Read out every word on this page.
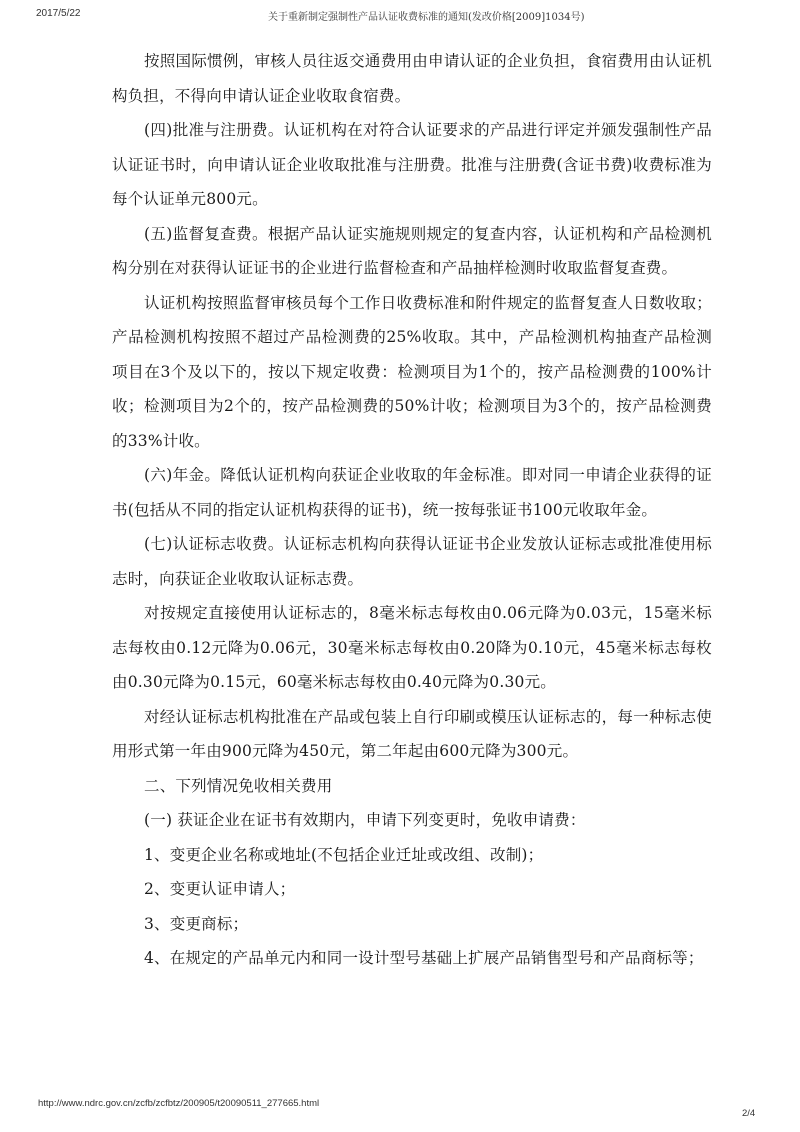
2017/5/22	关于重新制定强制性产品认证收费标准的通知(发改价格[2009]1034号)

按照国际惯例，审核人员往返交通费用由申请认证的企业负担，食宿费用由认证机构负担，不得向申请认证企业收取食宿费。

(四)批准与注册费。认证机构在对符合认证要求的产品进行评定并颁发强制性产品认证证书时，向申请认证企业收取批准与注册费。批准与注册费(含证书费)收费标准为每个认证单元800元。

(五)监督复查费。根据产品认证实施规则规定的复查内容，认证机构和产品检测机构分别在对获得认证证书的企业进行监督检查和产品抽样检测时收取监督复查费。

认证机构按照监督审核员每个工作日收费标准和附件规定的监督复查人日数收取；产品检测机构按照不超过产品检测费的25%收取。其中，产品检测机构抽查产品检测项目在3个及以下的，按以下规定收费：检测项目为1个的，按产品检测费的100%计收；检测项目为2个的，按产品检测费的50%计收；检测项目为3个的，按产品检测费的33%计收。

(六)年金。降低认证机构向获证企业收取的年金标准。即对同一申请企业获得的证书(包括从不同的指定认证机构获得的证书)，统一按每张证书100元收取年金。

(七)认证标志收费。认证标志机构向获得认证证书企业发放认证标志或批准使用标志时，向获证企业收取认证标志费。

对按规定直接使用认证标志的，8毫米标志每枚由0.06元降为0.03元，15毫米标志每枚由0.12元降为0.06元，30毫米标志每枚由0.20降为0.10元，45毫米标志每枚由0.30元降为0.15元，60毫米标志每枚由0.40元降为0.30元。

对经认证标志机构批准在产品或包装上自行印刷或模压认证标志的，每一种标志使用形式第一年由900元降为450元，第二年起由600元降为300元。

二、下列情况免收相关费用

(一) 获证企业在证书有效期内，申请下列变更时，免收申请费：

1、变更企业名称或地址(不包括企业迁址或改组、改制)；

2、变更认证申请人；

3、变更商标；

4、在规定的产品单元内和同一设计型号基础上扩展产品销售型号和产品商标等；

http://www.ndrc.gov.cn/zcfb/zcfbtz/200905/t20090511_277665.html
2/4
